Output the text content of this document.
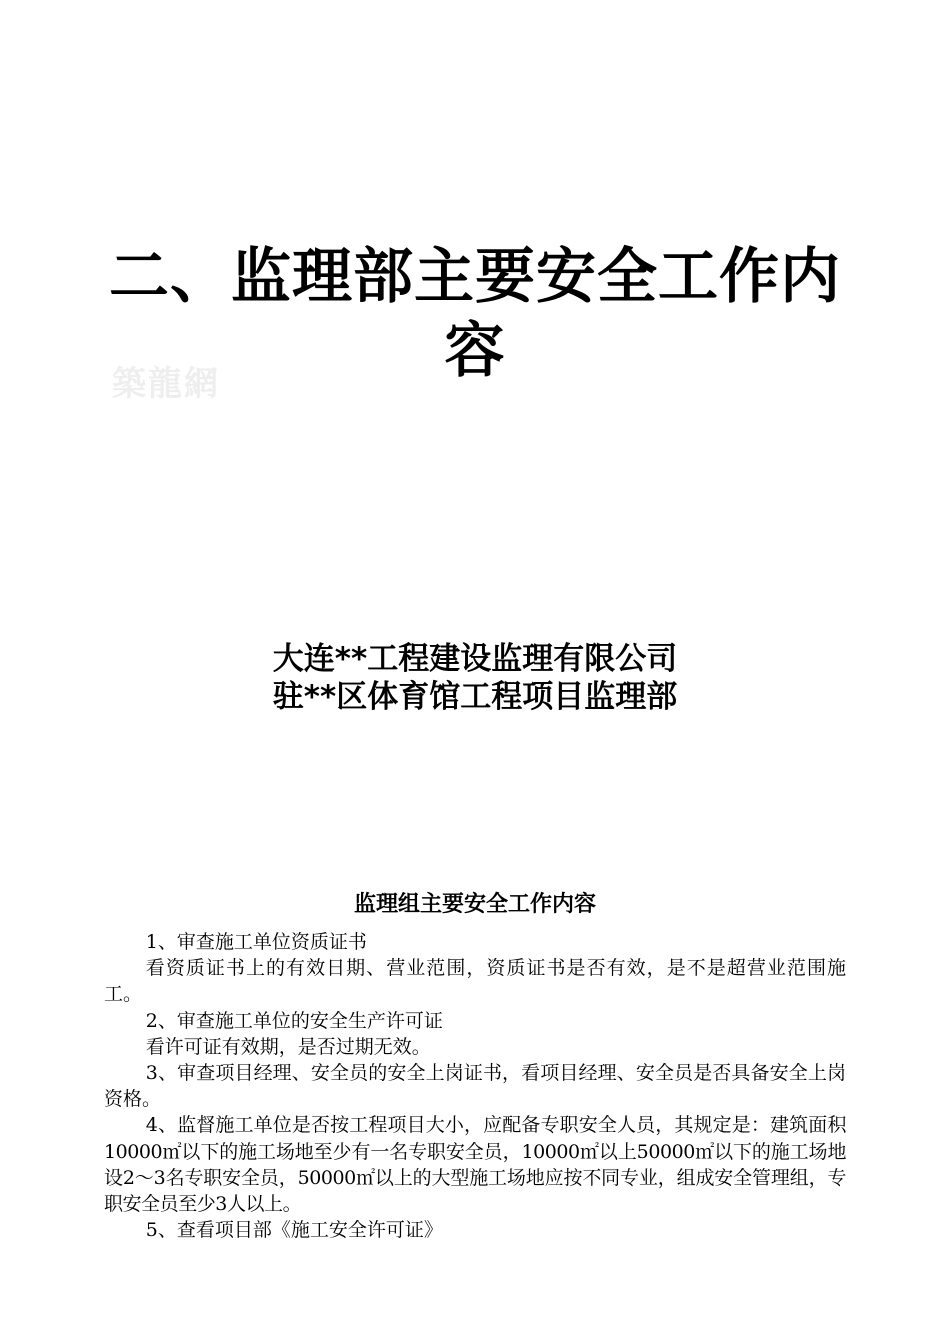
二、监理部主要安全工作内
容
築龍網
大连**工程建设监理有限公司
驻**区体育馆工程项目监理部
监理组主要安全工作内容

1、审查施工单位资质证书

看资质证书上的有效日期、营业范围，资质证书是否有效，是不是超营业范围施工。

2、审查施工单位的安全生产许可证

看许可证有效期，是否过期无效。

3、审查项目经理、安全员的安全上岗证书，看项目经理、安全员是否具备安全上岗资格。

4、监督施工单位是否按工程项目大小，应配备专职安全人员，其规定是：建筑面积10000㎡以下的施工场地至少有一名专职安全员，10000㎡以上50000㎡以下的施工场地设2～3名专职安全员，50000㎡以上的大型施工场地应按不同专业，组成安全管理组，专职安全员至少3人以上。

5、查看项目部《施工安全许可证》
